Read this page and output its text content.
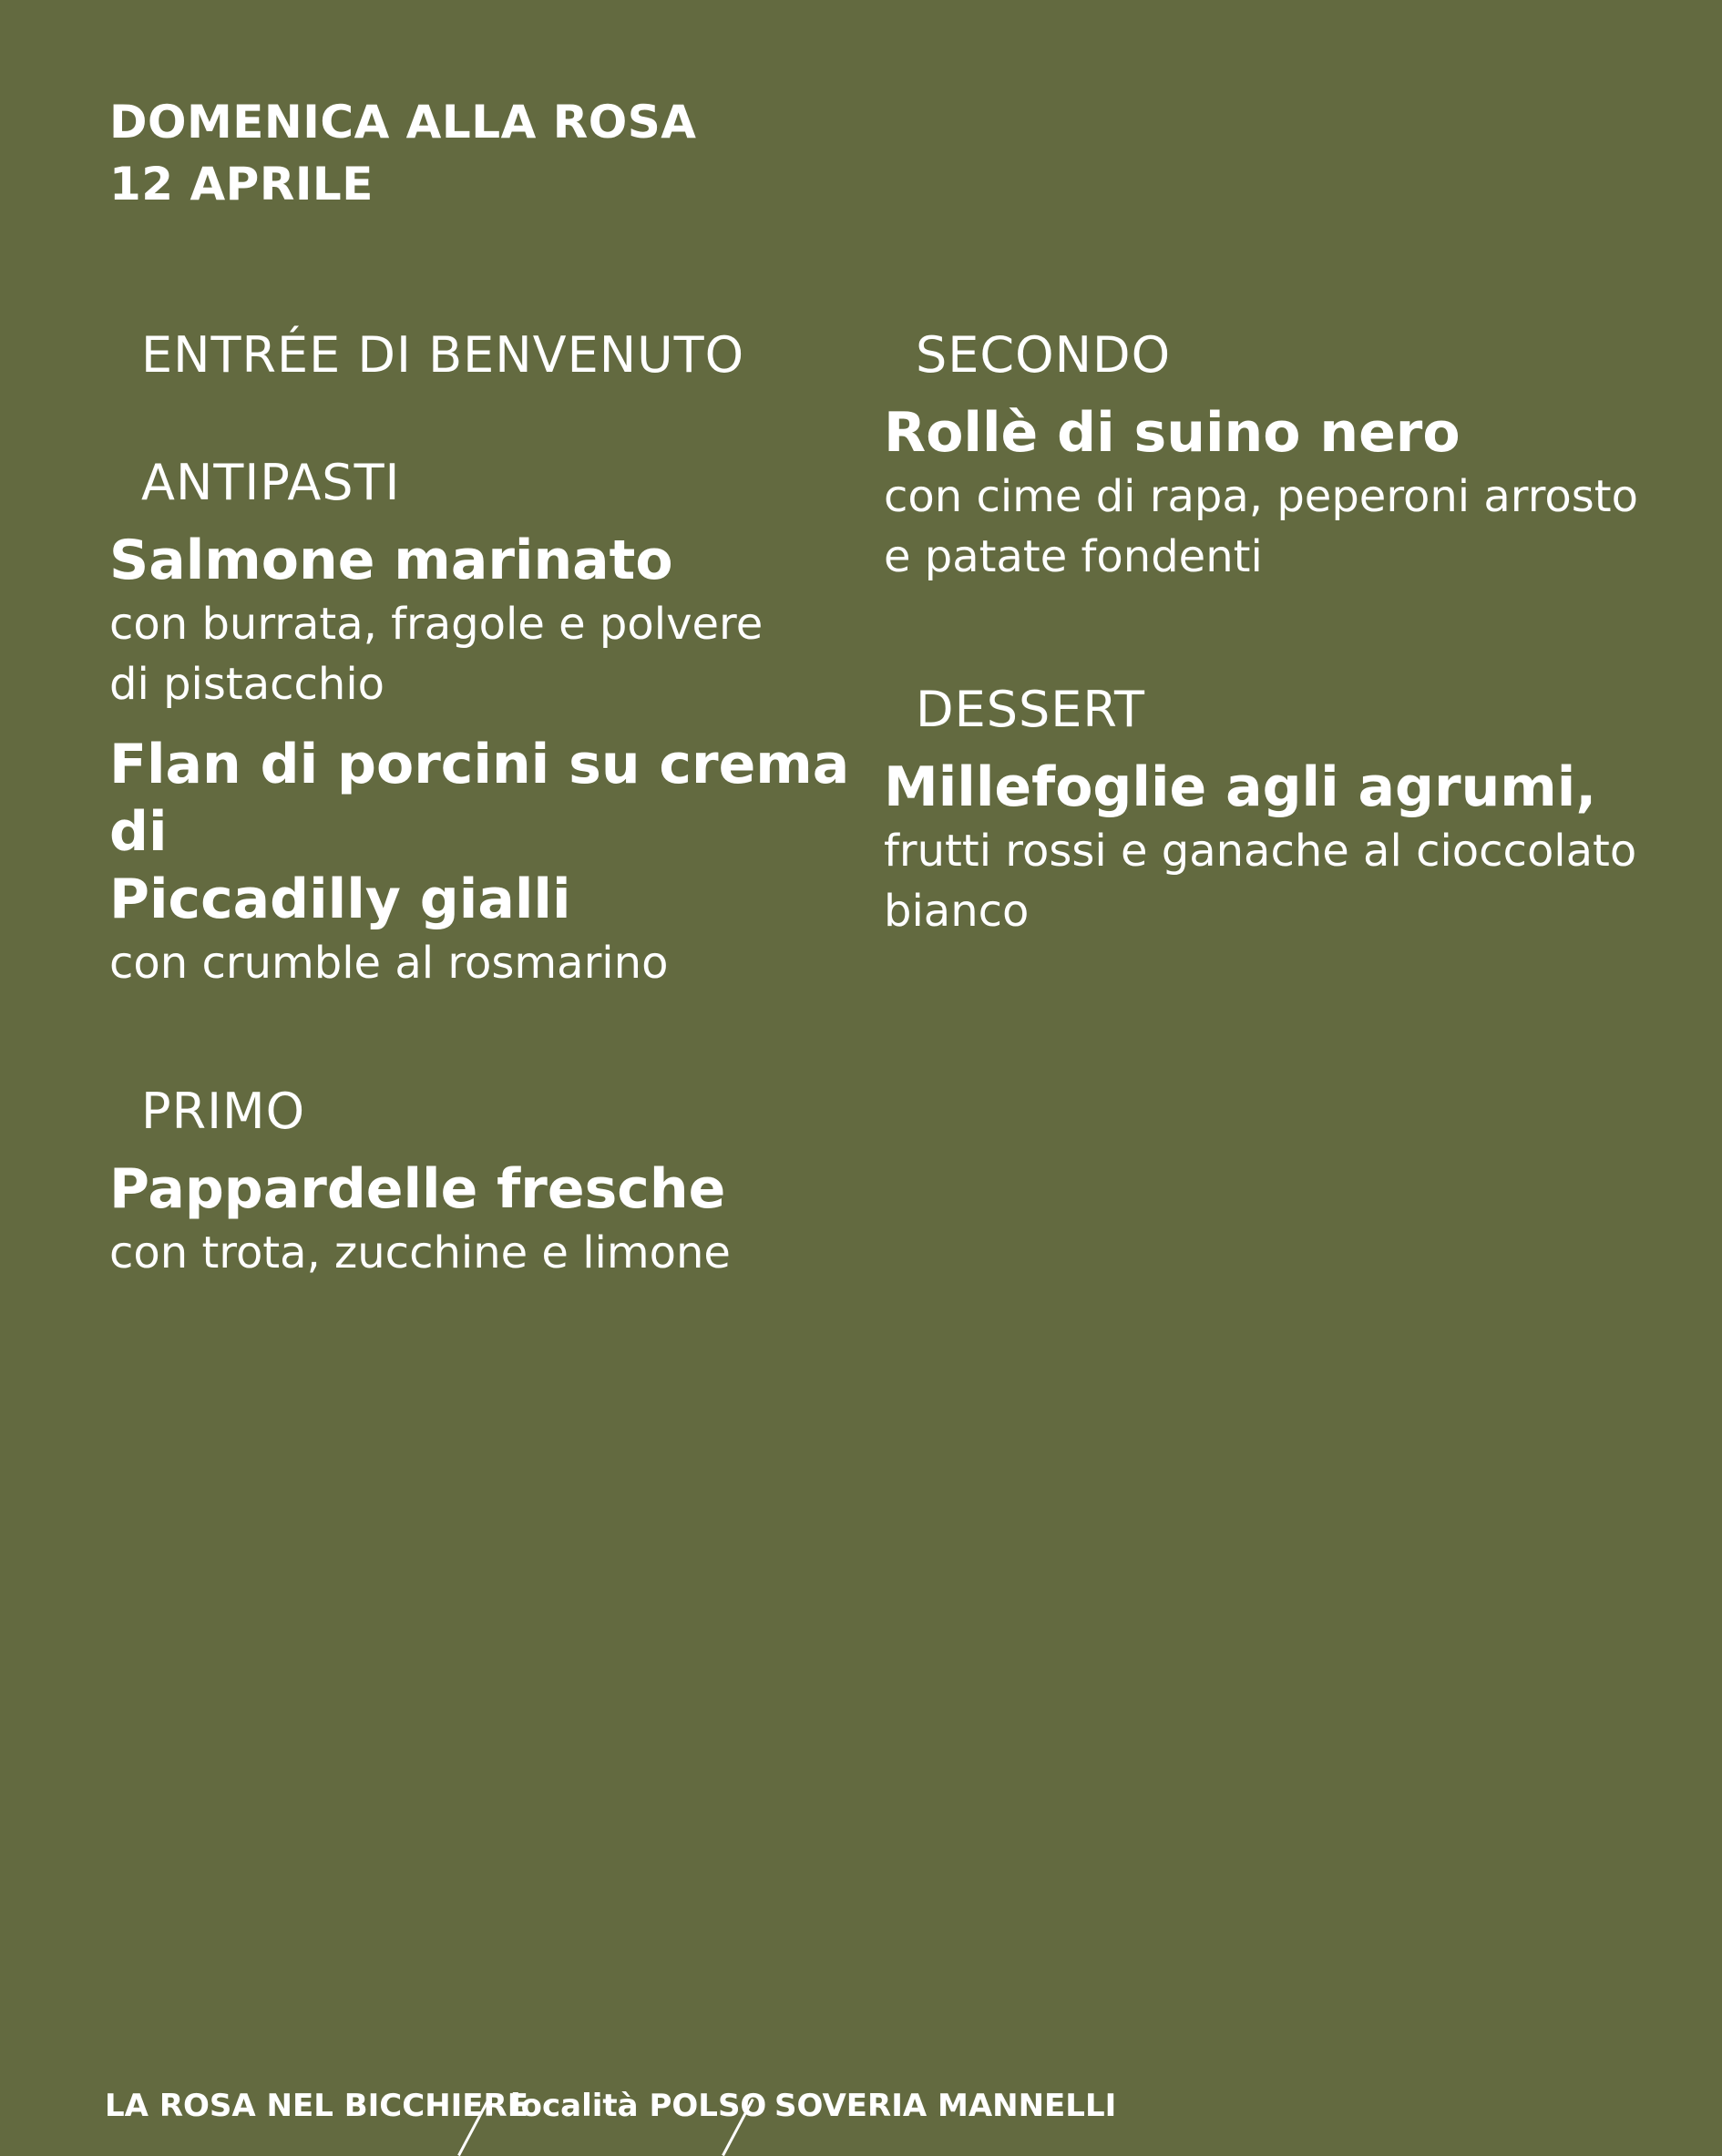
DOMENICA ALLA ROSA
12 APRILE
ENTRÉE DI BENVENUTO
ANTIPASTI
Salmone marinato
con burrata, fragole e polvere
di pistacchio
Flan di porcini su crema di
Piccadilly gialli
con crumble al rosmarino
PRIMO
Pappardelle fresche
con trota, zucchine e limone
SECONDO
Rollè di suino nero
con cime di rapa, peperoni arrosto
e patate fondenti
DESSERT
Millefoglie agli agrumi,
frutti rossi e ganache al cioccolato
bianco
LA ROSA NEL BICCHIERE
località POLSO SOVERIA MANNELLI
